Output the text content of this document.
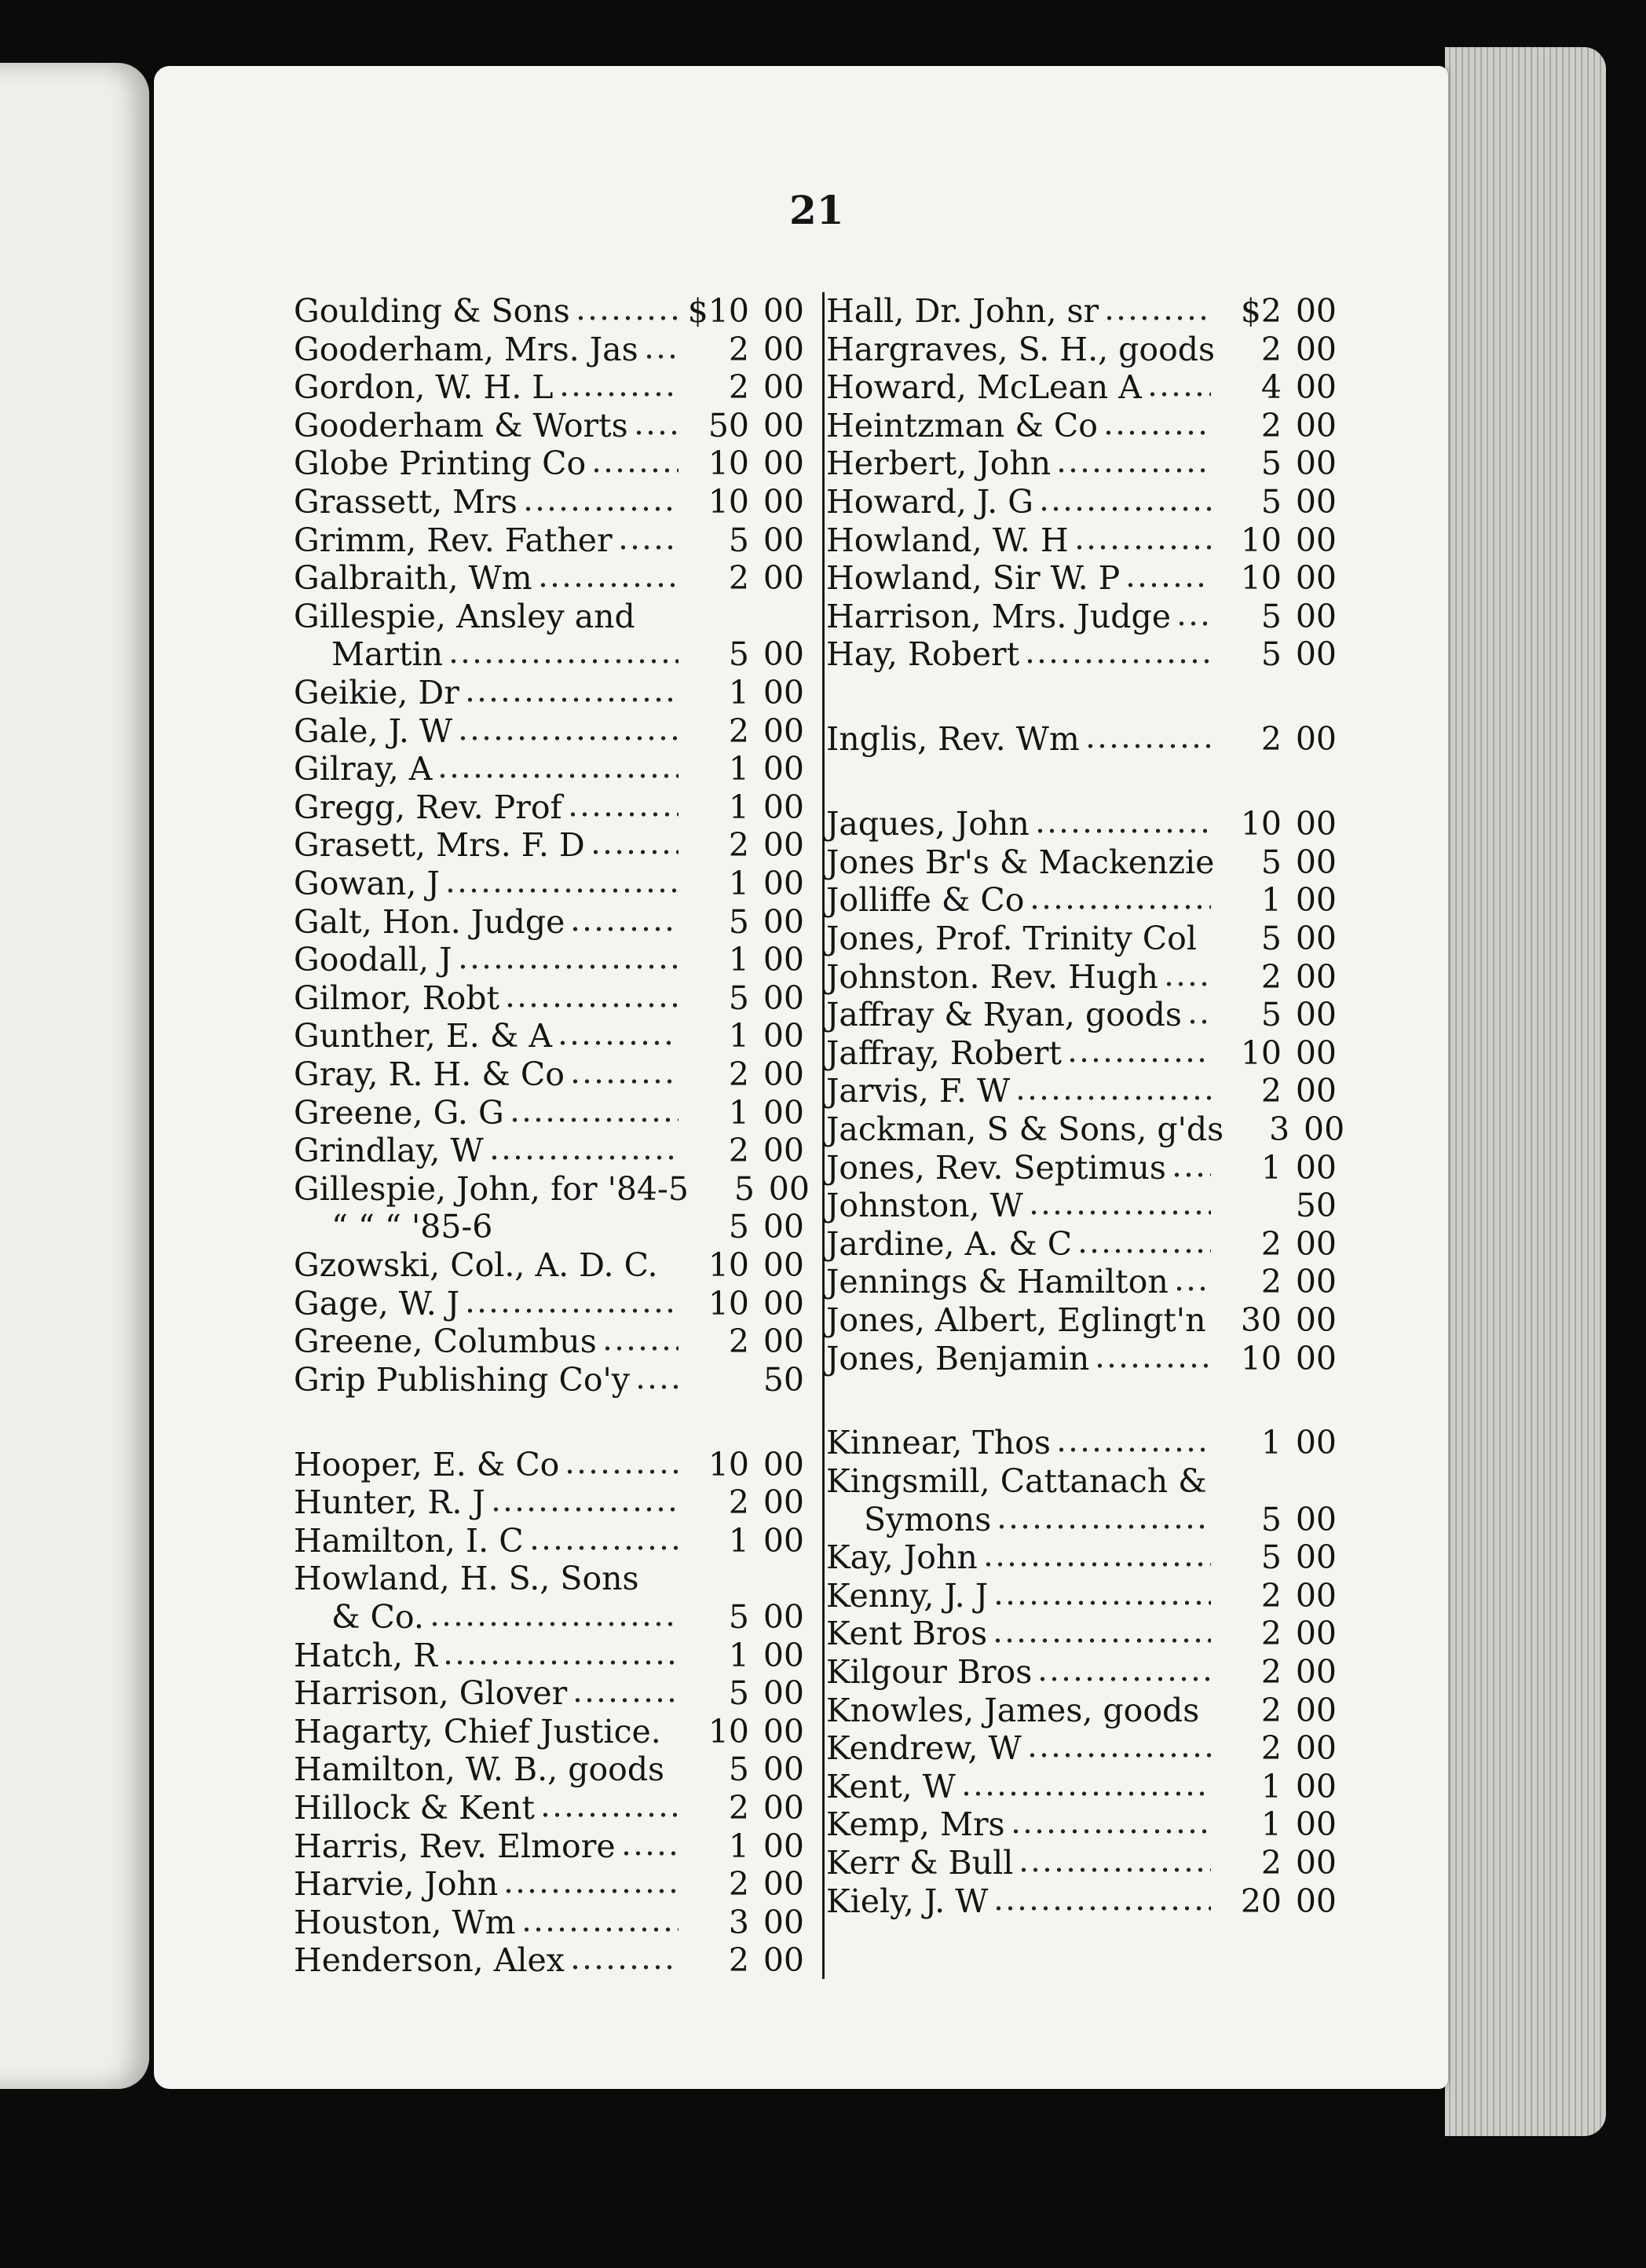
21
Goulding & Sons	$10 00
Gooderham, Mrs. Jas	2 00
Gordon, W. H. L	2 00
Gooderham & Worts	50 00
Globe Printing Co	10 00
Grassett, Mrs	10 00
Grimm, Rev. Father	5 00
Galbraith, Wm	2 00
Gillespie, Ansley and
Martin	5 00
Geikie, Dr	1 00
Gale, J. W	2 00
Gilray, A	1 00
Gregg, Rev. Prof	1 00
Grasett, Mrs. F. D	2 00
Gowan, J	1 00
Galt, Hon. Judge	5 00
Goodall, J	1 00
Gilmor, Robt	5 00
Gunther, E. & A	1 00
Gray, R. H. & Co	2 00
Greene, G. G	1 00
Grindlay, W	2 00
Gillespie, John, for '84-5	5 00
“ “ “ '85-6	5 00
Gzowski, Col., A. D. C.	10 00
Gage, W. J	10 00
Greene, Columbus	2 00
Grip Publishing Co'y	50
Hooper, E. & Co	10 00
Hunter, R. J	2 00
Hamilton, I. C	1 00
Howland, H. S., Sons
& Co.	5 00
Hatch, R	1 00
Harrison, Glover	5 00
Hagarty, Chief Justice.	10 00
Hamilton, W. B., goods	5 00
Hillock & Kent	2 00
Harris, Rev. Elmore	1 00
Harvie, John	2 00
Houston, Wm	3 00
Henderson, Alex	2 00
Hall, Dr. John, sr	$2 00
Hargraves, S. H., goods	2 00
Howard, McLean A	4 00
Heintzman & Co	2 00
Herbert, John	5 00
Howard, J. G	5 00
Howland, W. H	10 00
Howland, Sir W. P	10 00
Harrison, Mrs. Judge	5 00
Hay, Robert	5 00
Inglis, Rev. Wm	2 00
Jaques, John	10 00
Jones Br's & Mackenzie	5 00
Jolliffe & Co	1 00
Jones, Prof. Trinity Col	5 00
Johnston. Rev. Hugh	2 00
Jaffray & Ryan, goods	5 00
Jaffray, Robert	10 00
Jarvis, F. W	2 00
Jackman, S & Sons, g'ds	3 00
Jones, Rev. Septimus	1 00
Johnston, W	50
Jardine, A. & C	2 00
Jennings & Hamilton	2 00
Jones, Albert, Eglingt'n	30 00
Jones, Benjamin	10 00
Kinnear, Thos	1 00
Kingsmill, Cattanach &
Symons	5 00
Kay, John	5 00
Kenny, J. J	2 00
Kent Bros	2 00
Kilgour Bros	2 00
Knowles, James, goods	2 00
Kendrew, W	2 00
Kent, W	1 00
Kemp, Mrs	1 00
Kerr & Bull	2 00
Kiely, J. W	20 00
